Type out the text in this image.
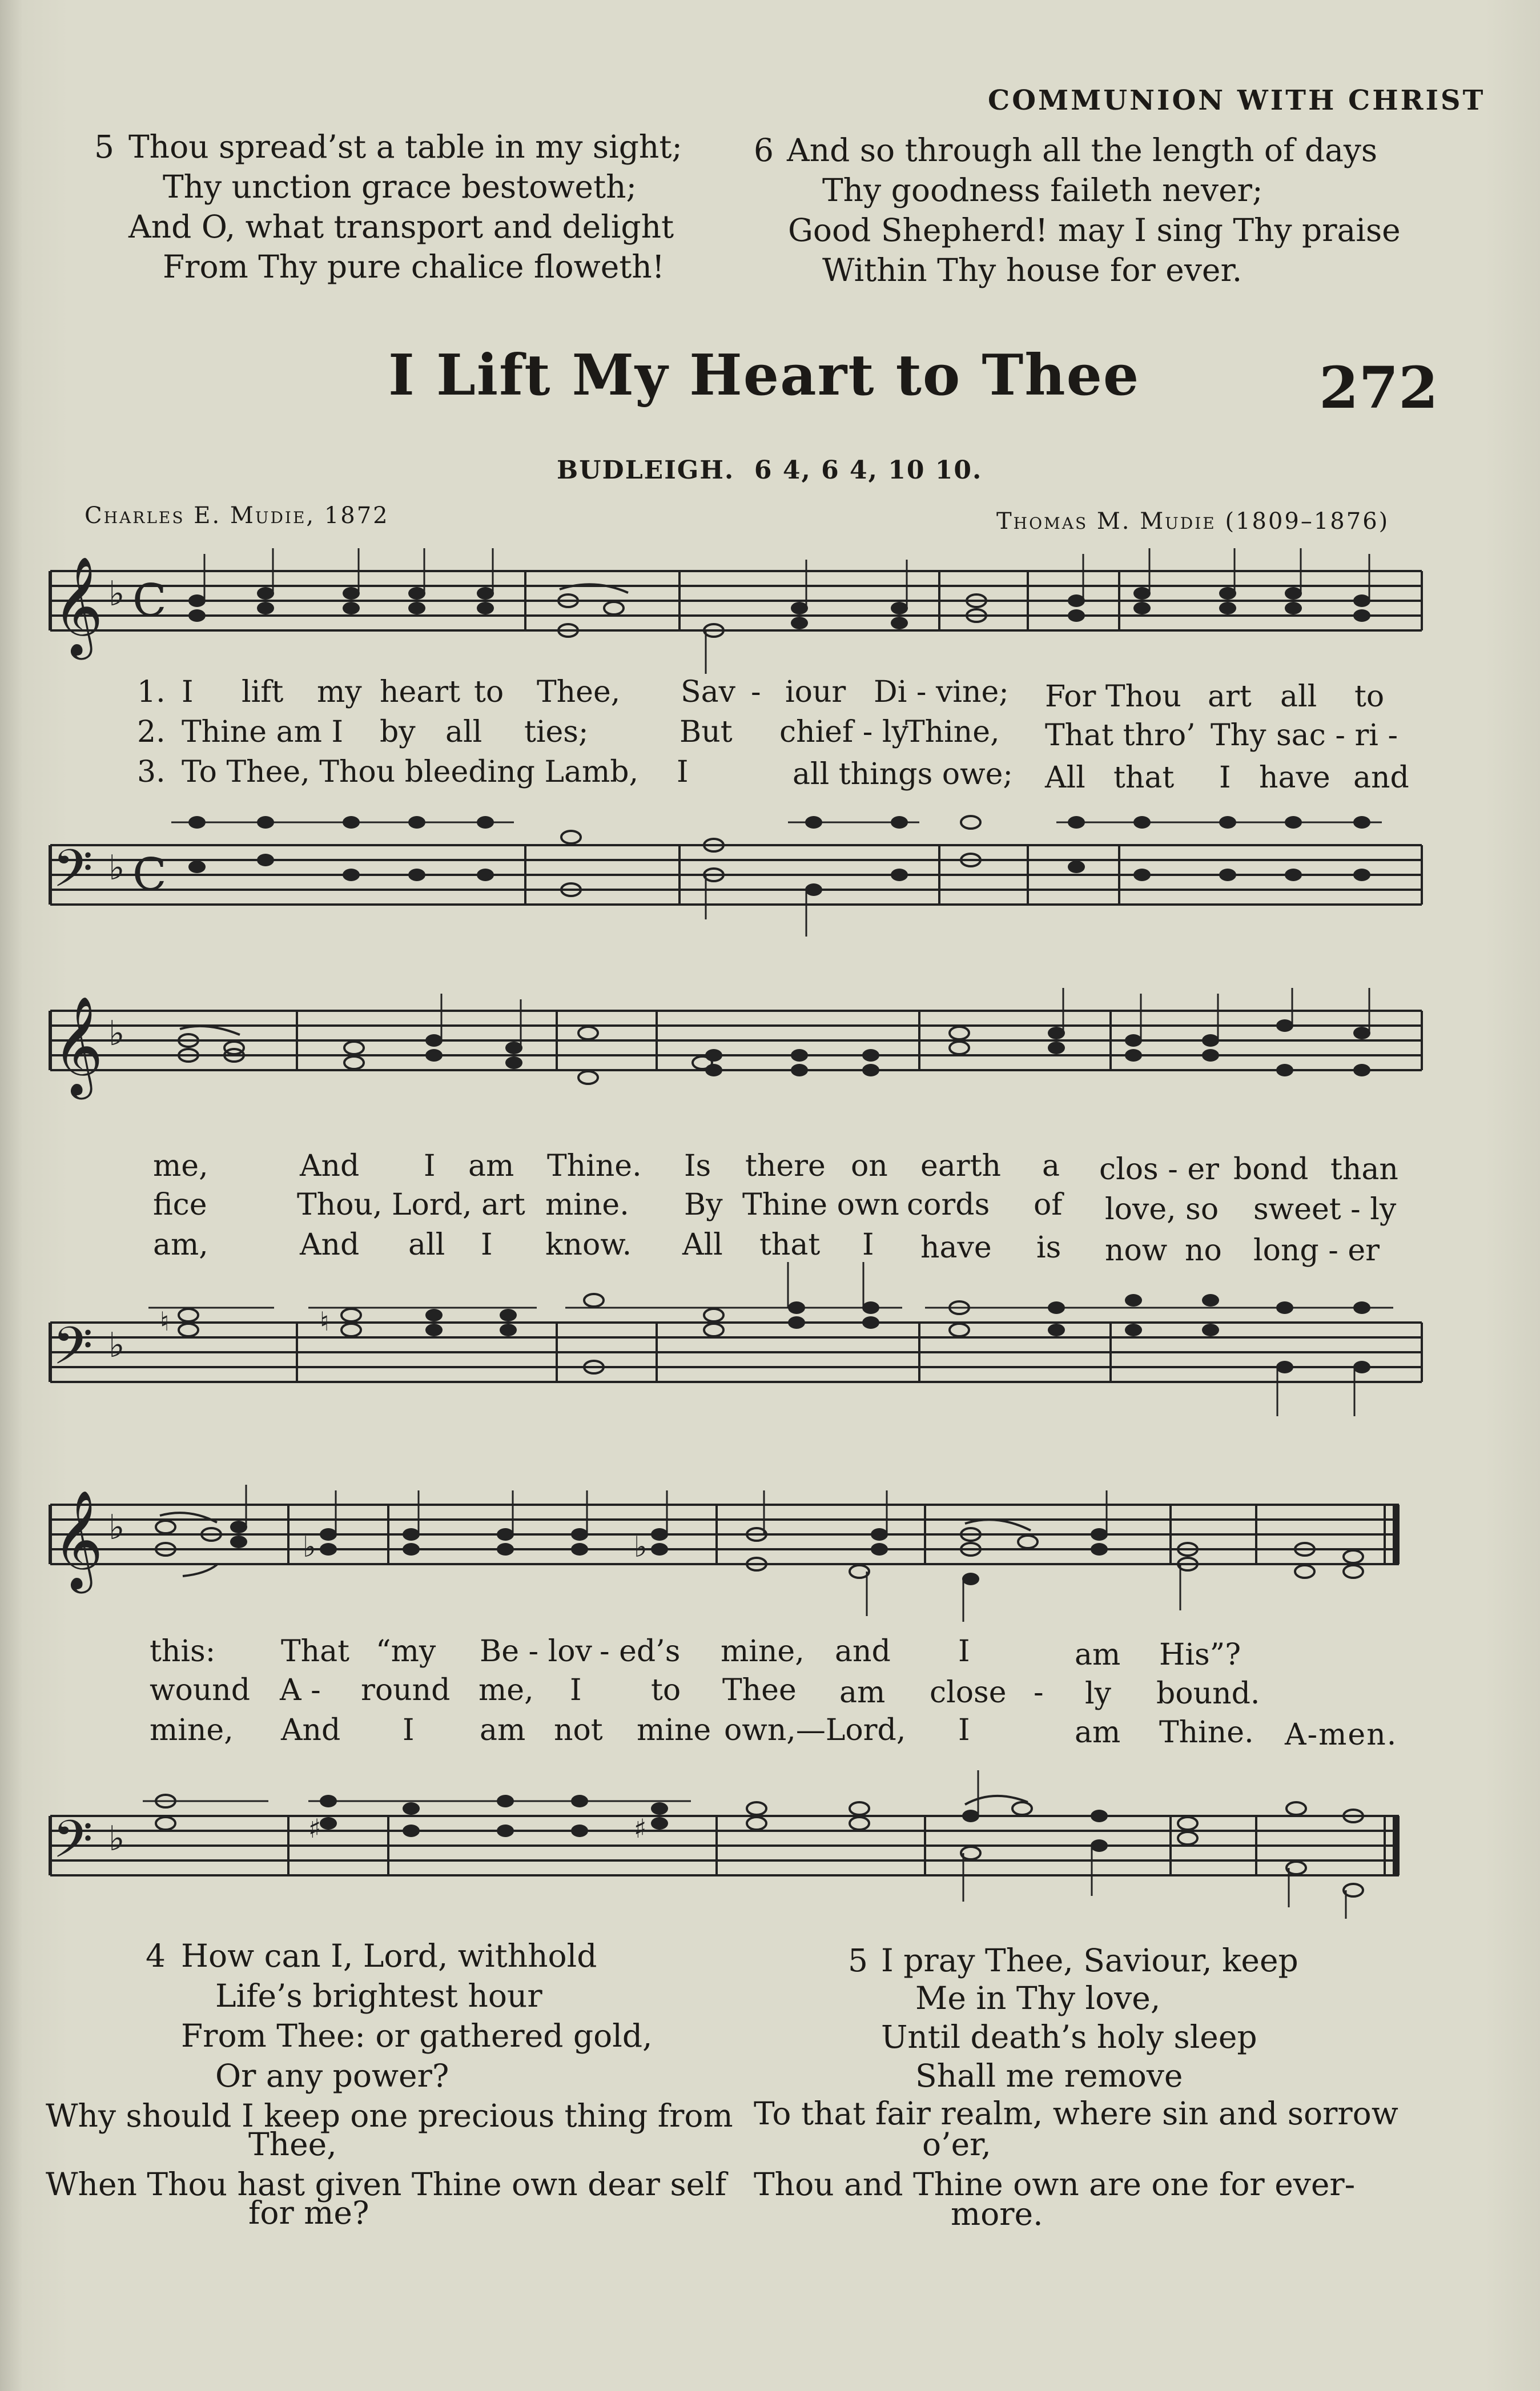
COMMUNION WITH CHRIST
5 Thou spread’st a table in my sight;
Thy unction grace bestoweth;
And O, what transport and delight
From Thy pure chalice floweth!
6 And so through all the length of days
Thy goodness faileth never;
Good Shepherd! may I sing Thy praise
Within Thy house for ever.
I Lift My Heart to Thee	272
BUDLEIGH. 6 4, 6 4, 10 10.
Charles E. Mudie, 1872	Thomas M. Mudie (1809–1876)
𝄞 ♭ C
1.
2.
3.
I lift my heart to Thee, Sav - iour Di - vine; For Thou art all to
Thine am I by all ties;	But chief - ly
Thine, That thro’ Thy sac - ri -
To Thee, Thou bleeding Lamb, I	all things owe; All that I have and
𝄢 ♭ C
𝄞 ♭
me,	And I am Thine. Is there on earth a clos - er bond than
fice	Thou, Lord, art mine. By Thine own cords of love, so sweet - ly
am,	And all I know. All that I have is now no long - er
𝄢 ♭
♮	♮
𝄞 ♭	♭	♭
this: That “my Be - lov - ed’s mine, and I	am His”?
wound A - round me, I to Thee am close - ly bound.
mine, And I am not mine own,—Lord, I	am Thine. A-men.
𝄢 ♭	♯	♯
4 How can I, Lord, withhold
Life’s brightest hour
From Thee: or gathered gold,
Or any power?
Why should I keep one precious thing from
Thee,
When Thou hast given Thine own dear self
for me?
5 I pray Thee, Saviour, keep
Me in Thy love,
Until death’s holy sleep
Shall me remove
To that fair realm, where sin and sorrow
o’er,
Thou and Thine own are one for ever-
more.
